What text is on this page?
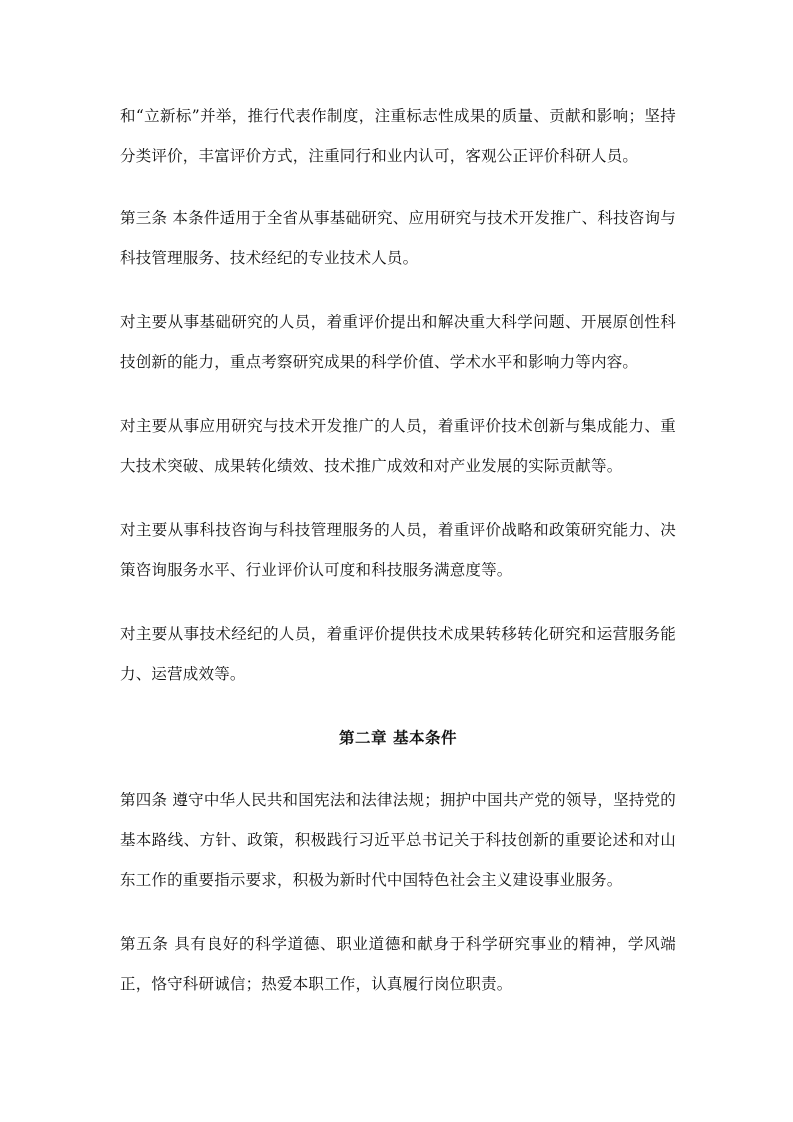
和“立新标”并举，推行代表作制度，注重标志性成果的质量、贡献和影响；坚持分类评价，丰富评价方式，注重同行和业内认可，客观公正评价科研人员。

第三条 本条件适用于全省从事基础研究、应用研究与技术开发推广、科技咨询与科技管理服务、技术经纪的专业技术人员。

对主要从事基础研究的人员，着重评价提出和解决重大科学问题、开展原创性科技创新的能力，重点考察研究成果的科学价值、学术水平和影响力等内容。

对主要从事应用研究与技术开发推广的人员，着重评价技术创新与集成能力、重大技术突破、成果转化绩效、技术推广成效和对产业发展的实际贡献等。

对主要从事科技咨询与科技管理服务的人员，着重评价战略和政策研究能力、决策咨询服务水平、行业评价认可度和科技服务满意度等。

对主要从事技术经纪的人员，着重评价提供技术成果转移转化研究和运营服务能力、运营成效等。

第二章 基本条件

第四条 遵守中华人民共和国宪法和法律法规；拥护中国共产党的领导，坚持党的基本路线、方针、政策，积极践行习近平总书记关于科技创新的重要论述和对山东工作的重要指示要求，积极为新时代中国特色社会主义建设事业服务。

第五条 具有良好的科学道德、职业道德和献身于科学研究事业的精神，学风端正，恪守科研诚信；热爱本职工作，认真履行岗位职责。
